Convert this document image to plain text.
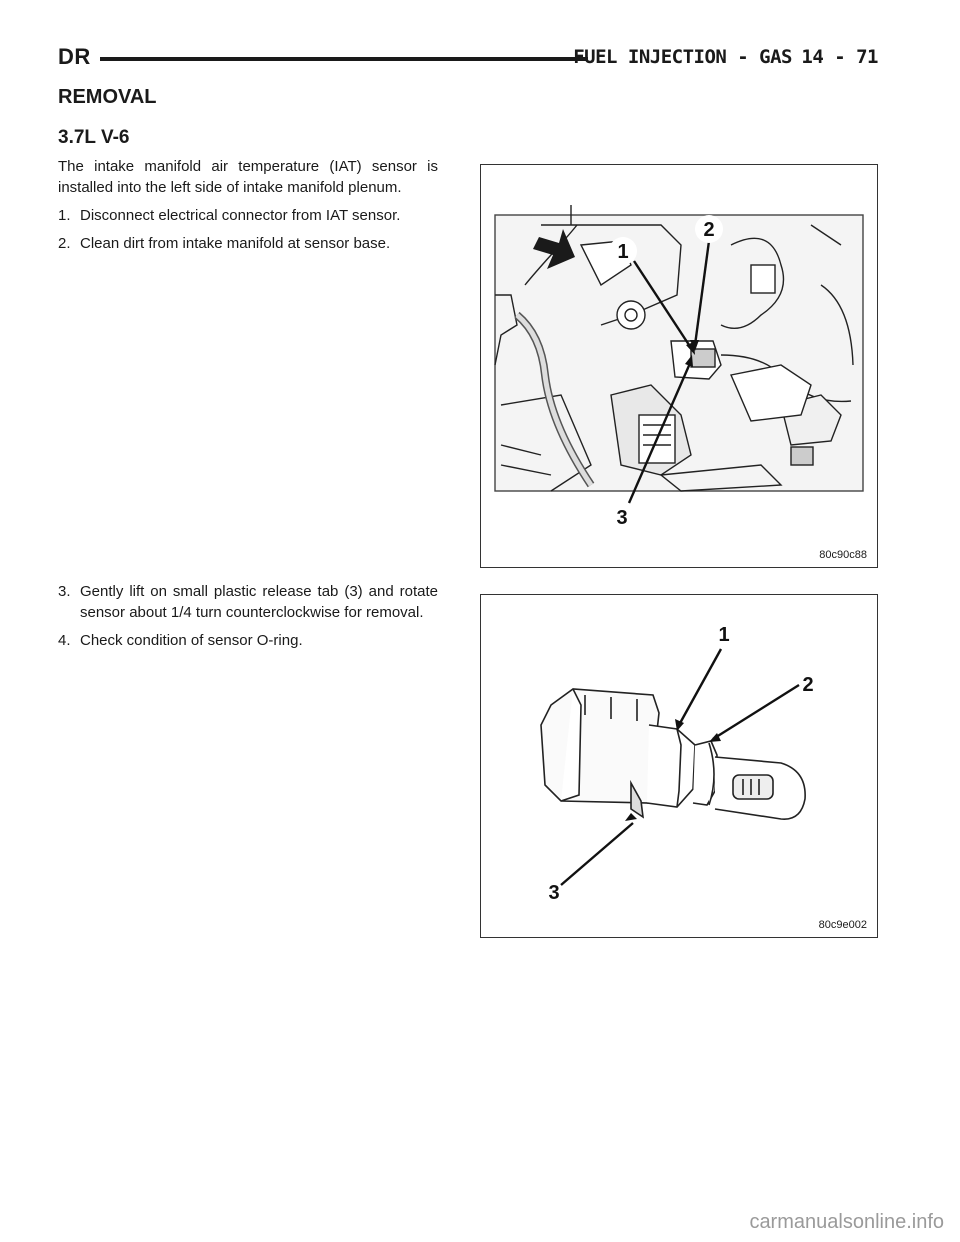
DR	FUEL INJECTION - GAS 14 - 71
REMOVAL
3.7L V-6

The intake manifold air temperature (IAT) sensor is installed into the left side of intake manifold plenum.

1. Disconnect electrical connector from IAT sensor.
2. Clean dirt from intake manifold at sensor base.
3. Gently lift on small plastic release tab (3) and rotate sensor about 1/4 turn counterclockwise for removal.
4. Check condition of sensor O-ring.
1
2
3
80c90c88
1
2
3
80c9e002
carmanualsonline.info
